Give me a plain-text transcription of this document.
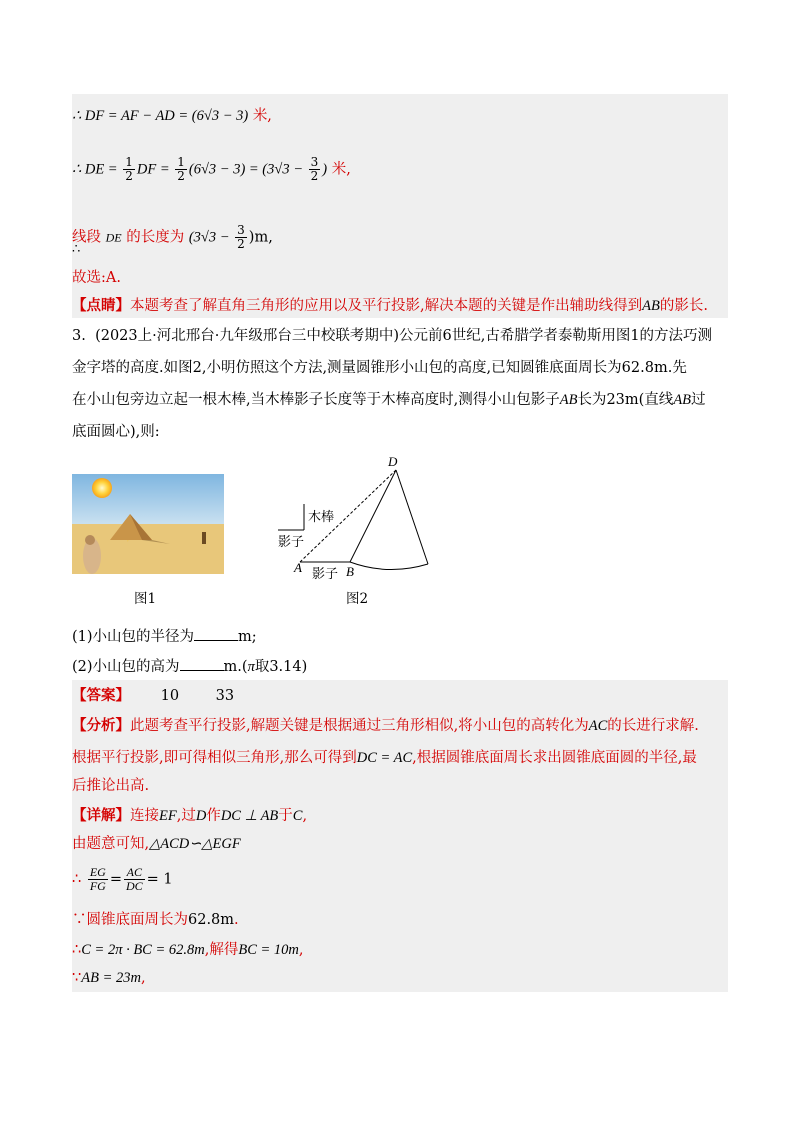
∴ DF = AF − AD = (6√3 − 3) 米,
∴ DE = $\frac{1}{2}$ DF = $\frac{1}{2} (6√3 - 3) = (3√3 - \frac{3}{2}$ ) 米,
线段 DE 的长度为 $(3√3 - \frac{3}{2} )m$,
∴
故选:A.
【点睛】本题考查了解直角三角形的应用以及平行投影,解决本题的关键是作出辅助线得到AB的影长.
3. (2023上·河北邢台·九年级邢台三中校联考期中)公元前6世纪,古希腊学者泰勒斯用图1的方法巧测
金字塔的高度.如图2,小明仿照这个方法,测量圆锥形小山包的高度,已知圆锥底面周长为62.8m.先
在小山包旁边立起一根木棒,当木棒影子长度等于木棒高度时,测得小山包影子AB长为23m(直线AB过
底面圆心),则:
图1
木棒
影子
影子
A	B
D
图2
(1)小山包的半径为	m;
(2)小山包的高为	m.(π取3.14)
【答案】 10	33
【分析】此题考查平行投影,解题关键是根据通过三角形相似,将小山包的高转化为AC的长进行求解.
根据平行投影,即可得相似三角形,那么可得到DC = AC,根据圆锥底面周长求出圆锥底面圆的半径,最
后推论出高.
【详解】连接EF,过D作DC ⊥ AB于C,
由题意可知,△ACD∽△EGF
∴ $\frac{EG}{FG} = \frac{AC}{DC} = 1$
∵圆锥底面周长为62.8m.
∴C = 2π · BC = 62.8m,解得BC = 10m,
∵AB = 23m,
